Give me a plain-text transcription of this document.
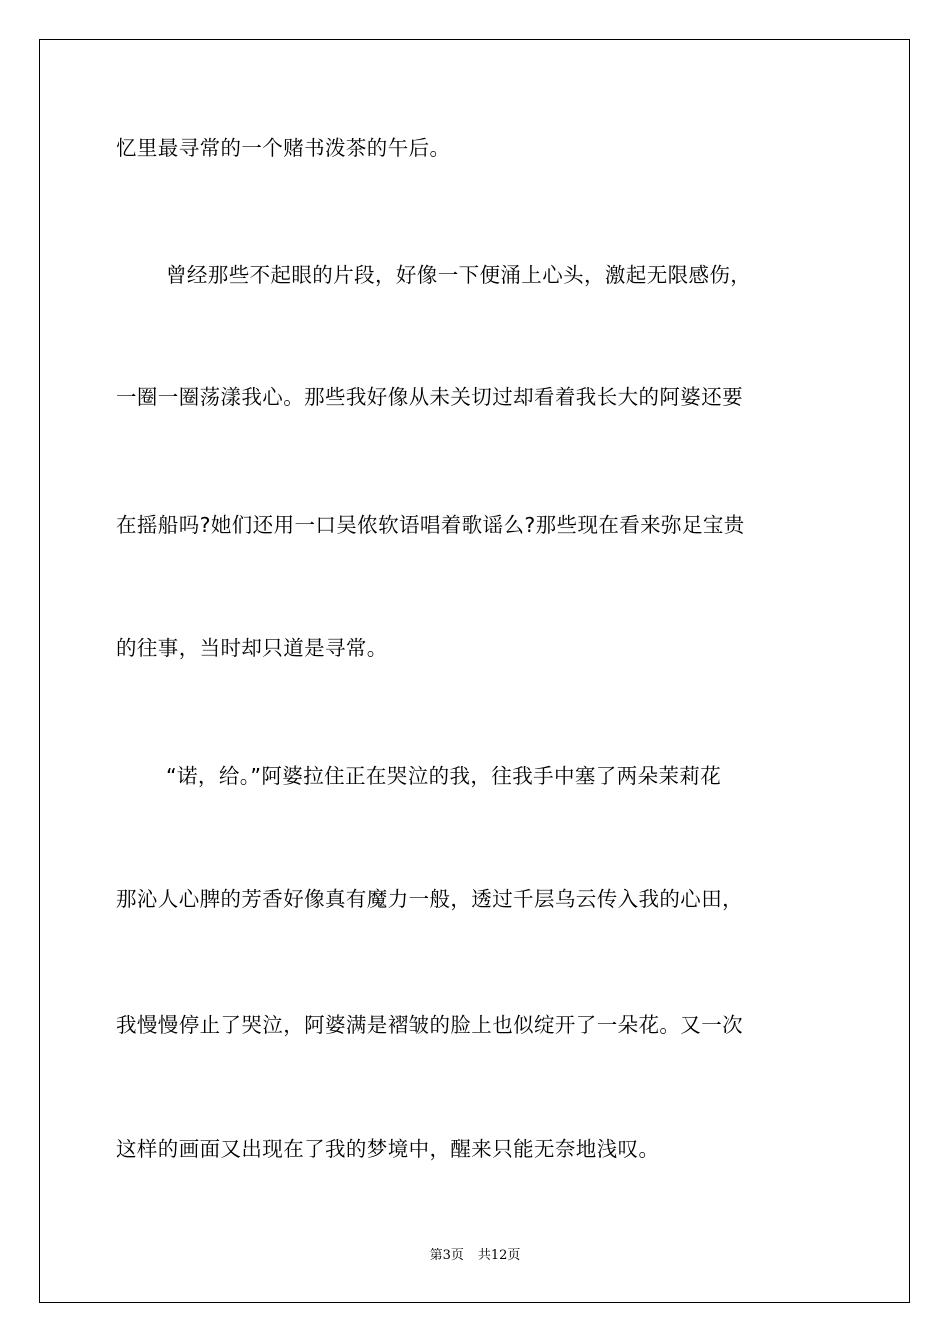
忆里最寻常的一个赌书泼茶的午后。
曾经那些不起眼的片段，好像一下便涌上心头，激起无限感伤，
一圈一圈荡漾我心。那些我好像从未关切过却看着我长大的阿婆还要
在摇船吗?她们还用一口吴侬软语唱着歌谣么?那些现在看来弥足宝贵
的往事，当时却只道是寻常。
“诺，给。”阿婆拉住正在哭泣的我，往我手中塞了两朵茉莉花
那沁人心脾的芳香好像真有魔力一般，透过千层乌云传入我的心田，
我慢慢停止了哭泣，阿婆满是褶皱的脸上也似绽开了一朵花。又一次
这样的画面又出现在了我的梦境中，醒来只能无奈地浅叹。
第3页 共12页
